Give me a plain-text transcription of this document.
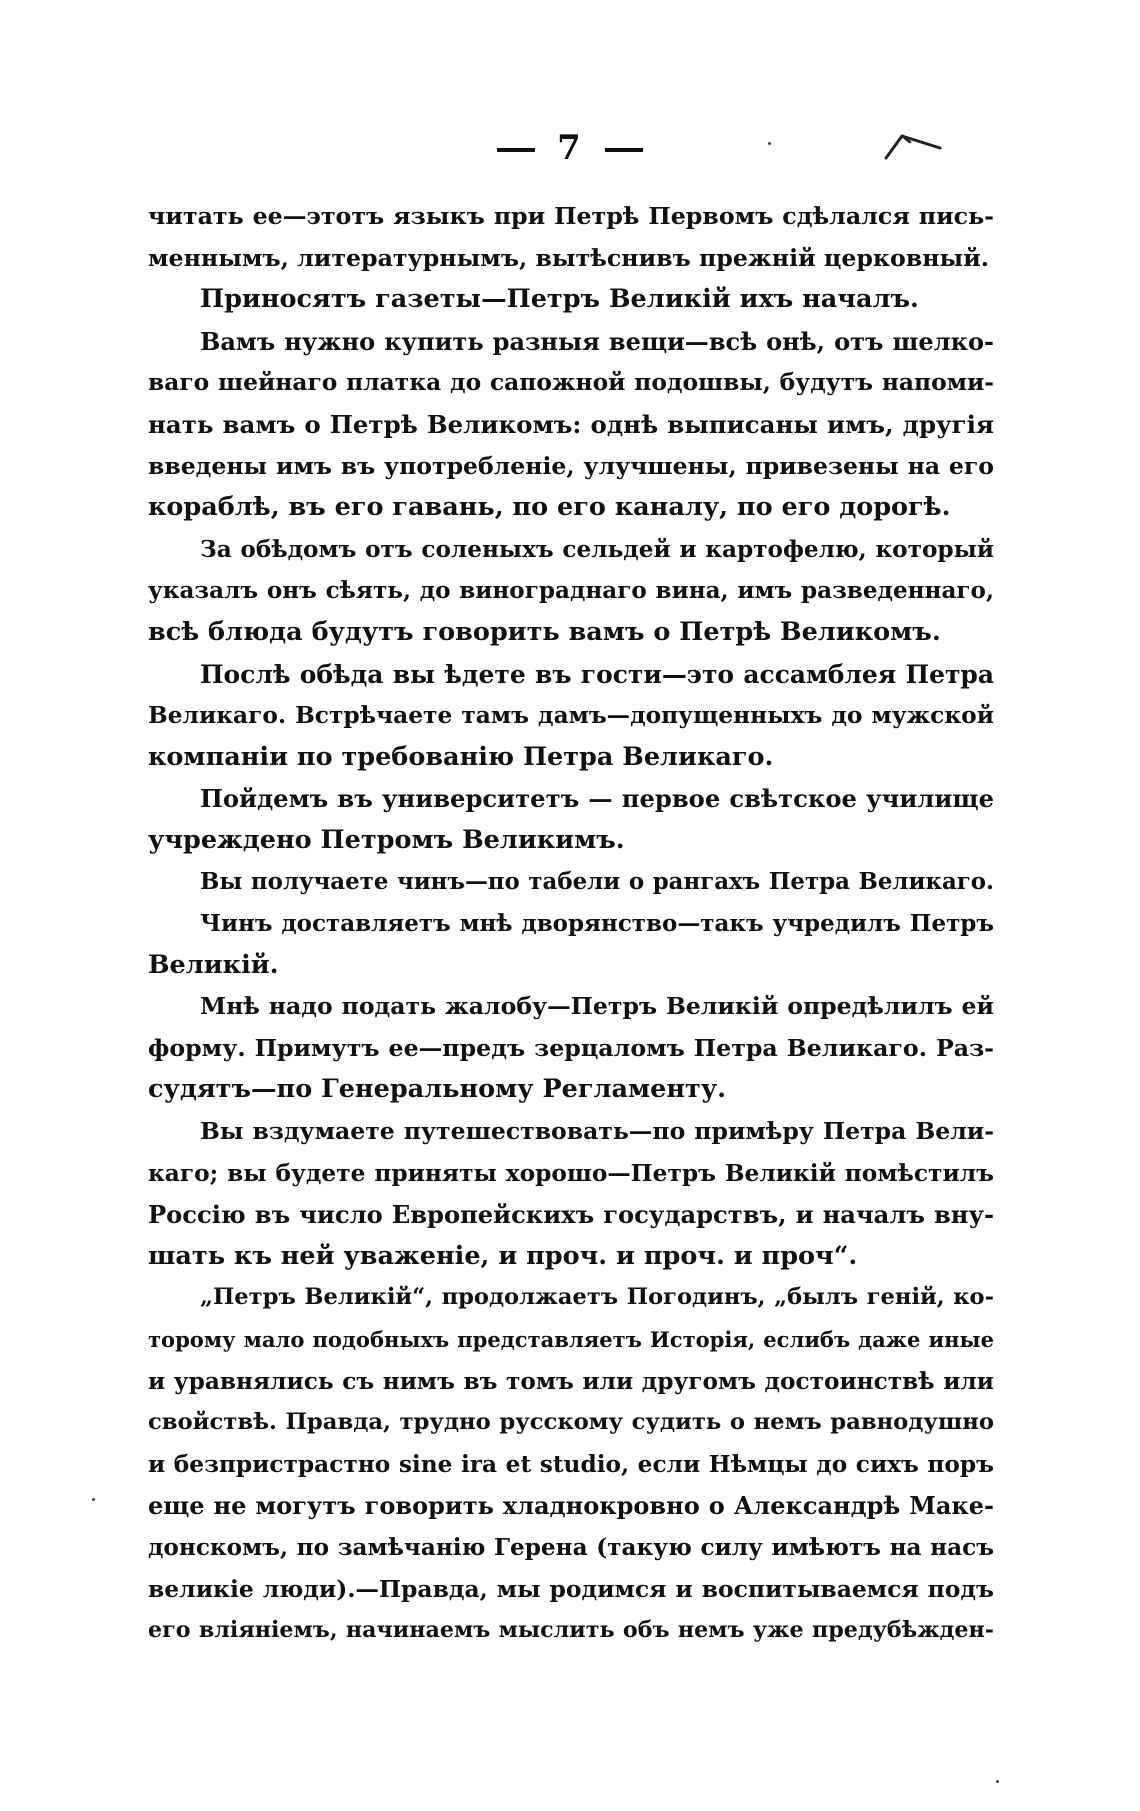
7
читать ее—этотъ языкъ при Петрѣ Первомъ сдѣлался пись-
меннымъ, литературнымъ, вытѣснивъ прежній церковный.
Приносятъ газеты—Петръ Великій ихъ началъ.
Вамъ нужно купить разныя вещи—всѣ онѣ, отъ шелко-
ваго шейнаго платка до сапожной подошвы, будутъ напоми-
нать вамъ о Петрѣ Великомъ: однѣ выписаны имъ, другія
введены имъ въ употребленіе, улучшены, привезены на его
кораблѣ, въ его гавань, по его каналу, по его дорогѣ.
За обѣдомъ отъ соленыхъ сельдей и картофелю, который
указалъ онъ сѣять, до винограднаго вина, имъ разведеннаго,
всѣ блюда будутъ говорить вамъ о Петрѣ Великомъ.
Послѣ обѣда вы ѣдете въ гости—это ассамблея Петра
Великаго. Встрѣчаете тамъ дамъ—допущенныхъ до мужской
компаніи по требованію Петра Великаго.
Пойдемъ въ университетъ — первое свѣтское училище
учреждено Петромъ Великимъ.
Вы получаете чинъ—по табели о рангахъ Петра Великаго.
Чинъ доставляетъ мнѣ дворянство—такъ учредилъ Петръ
Великій.
Мнѣ надо подать жалобу—Петръ Великій опредѣлилъ ей
форму. Примутъ ее—предъ зерцаломъ Петра Великаго. Раз-
судятъ—по Генеральному Регламенту.
Вы вздумаете путешествовать—по примѣру Петра Вели-
каго; вы будете приняты хорошо—Петръ Великій помѣстилъ
Россію въ число Европейскихъ государствъ, и началъ вну-
шать къ ней уваженіе, и проч. и проч. и проч“.
„Петръ Великій“, продолжаетъ Погодинъ, „былъ геній, ко-
торому мало подобныхъ представляетъ Исторія, еслибъ даже иные
и уравнялись съ нимъ въ томъ или другомъ достоинствѣ или
свойствѣ. Правда, трудно русскому судить о немъ равнодушно
и безпристрастно sine ira et studio, если Нѣмцы до сихъ поръ
еще не могутъ говорить хладнокровно о Александрѣ Маке-
донскомъ, по замѣчанію Герена (такую силу имѣютъ на насъ
великіе люди).—Правда, мы родимся и воспитываемся подъ
его вліяніемъ, начинаемъ мыслить объ немъ уже предубѣжден-
